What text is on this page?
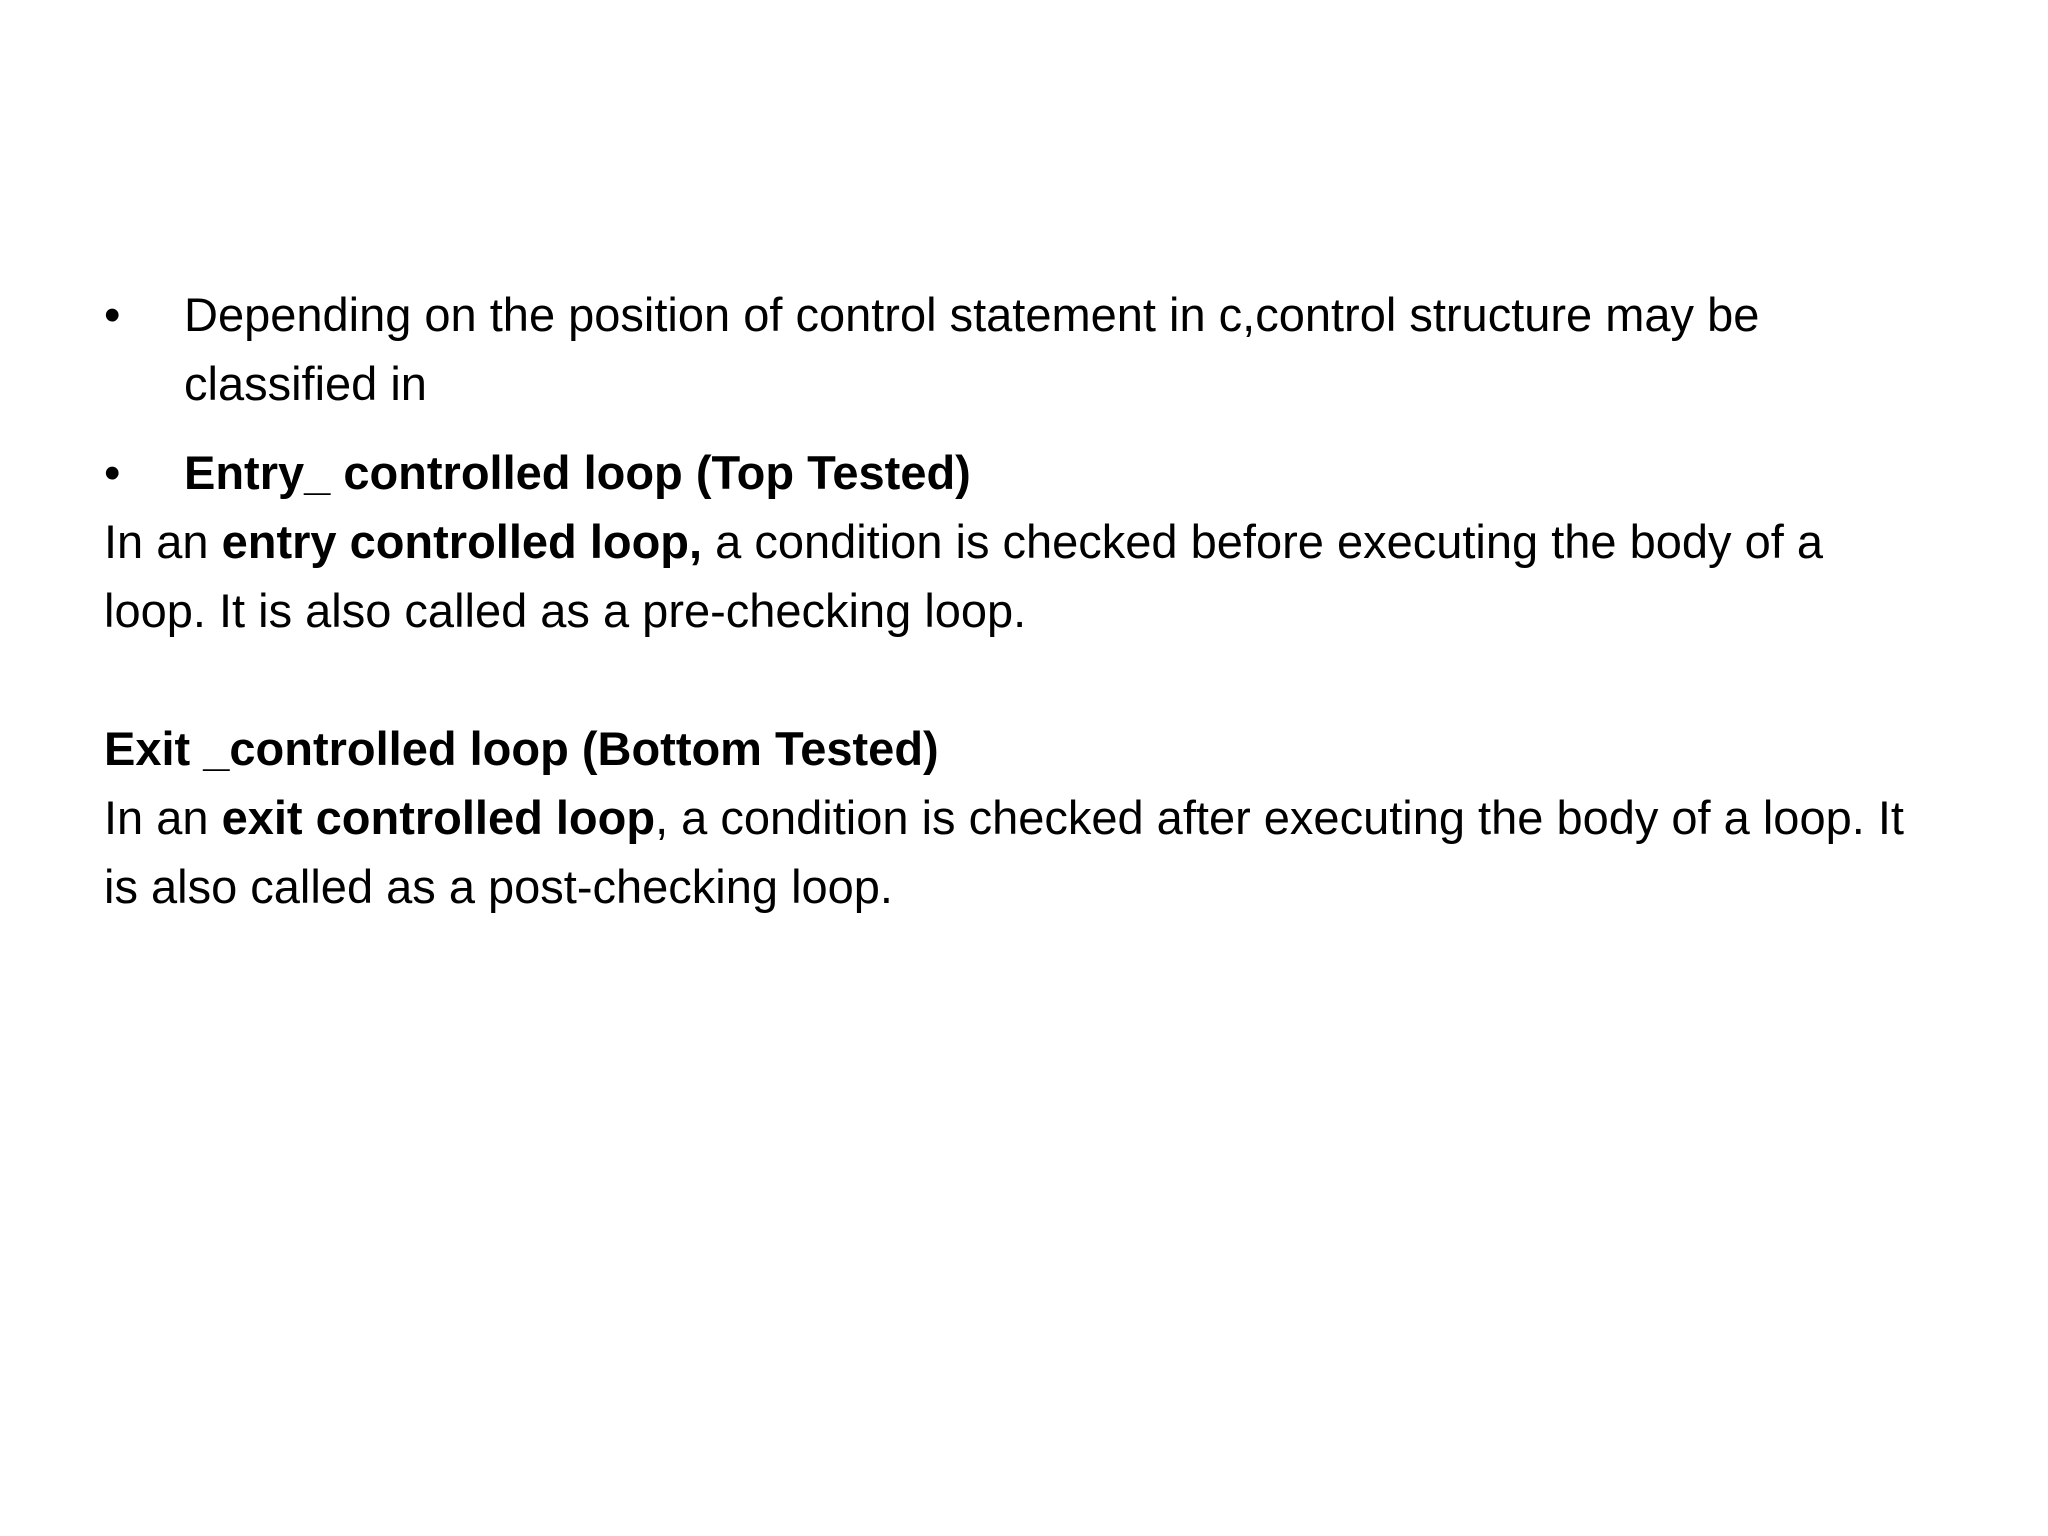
•	Depending on the position of control statement in c,control structure may be classified in
•	Entry_ controlled loop (Top Tested)

In an entry controlled loop, a condition is checked before executing the body of a loop. It is also called as a pre-checking loop.

Exit _controlled loop (Bottom Tested)

In an exit controlled loop, a condition is checked after executing the body of a loop. It is also called as a post-checking loop.
